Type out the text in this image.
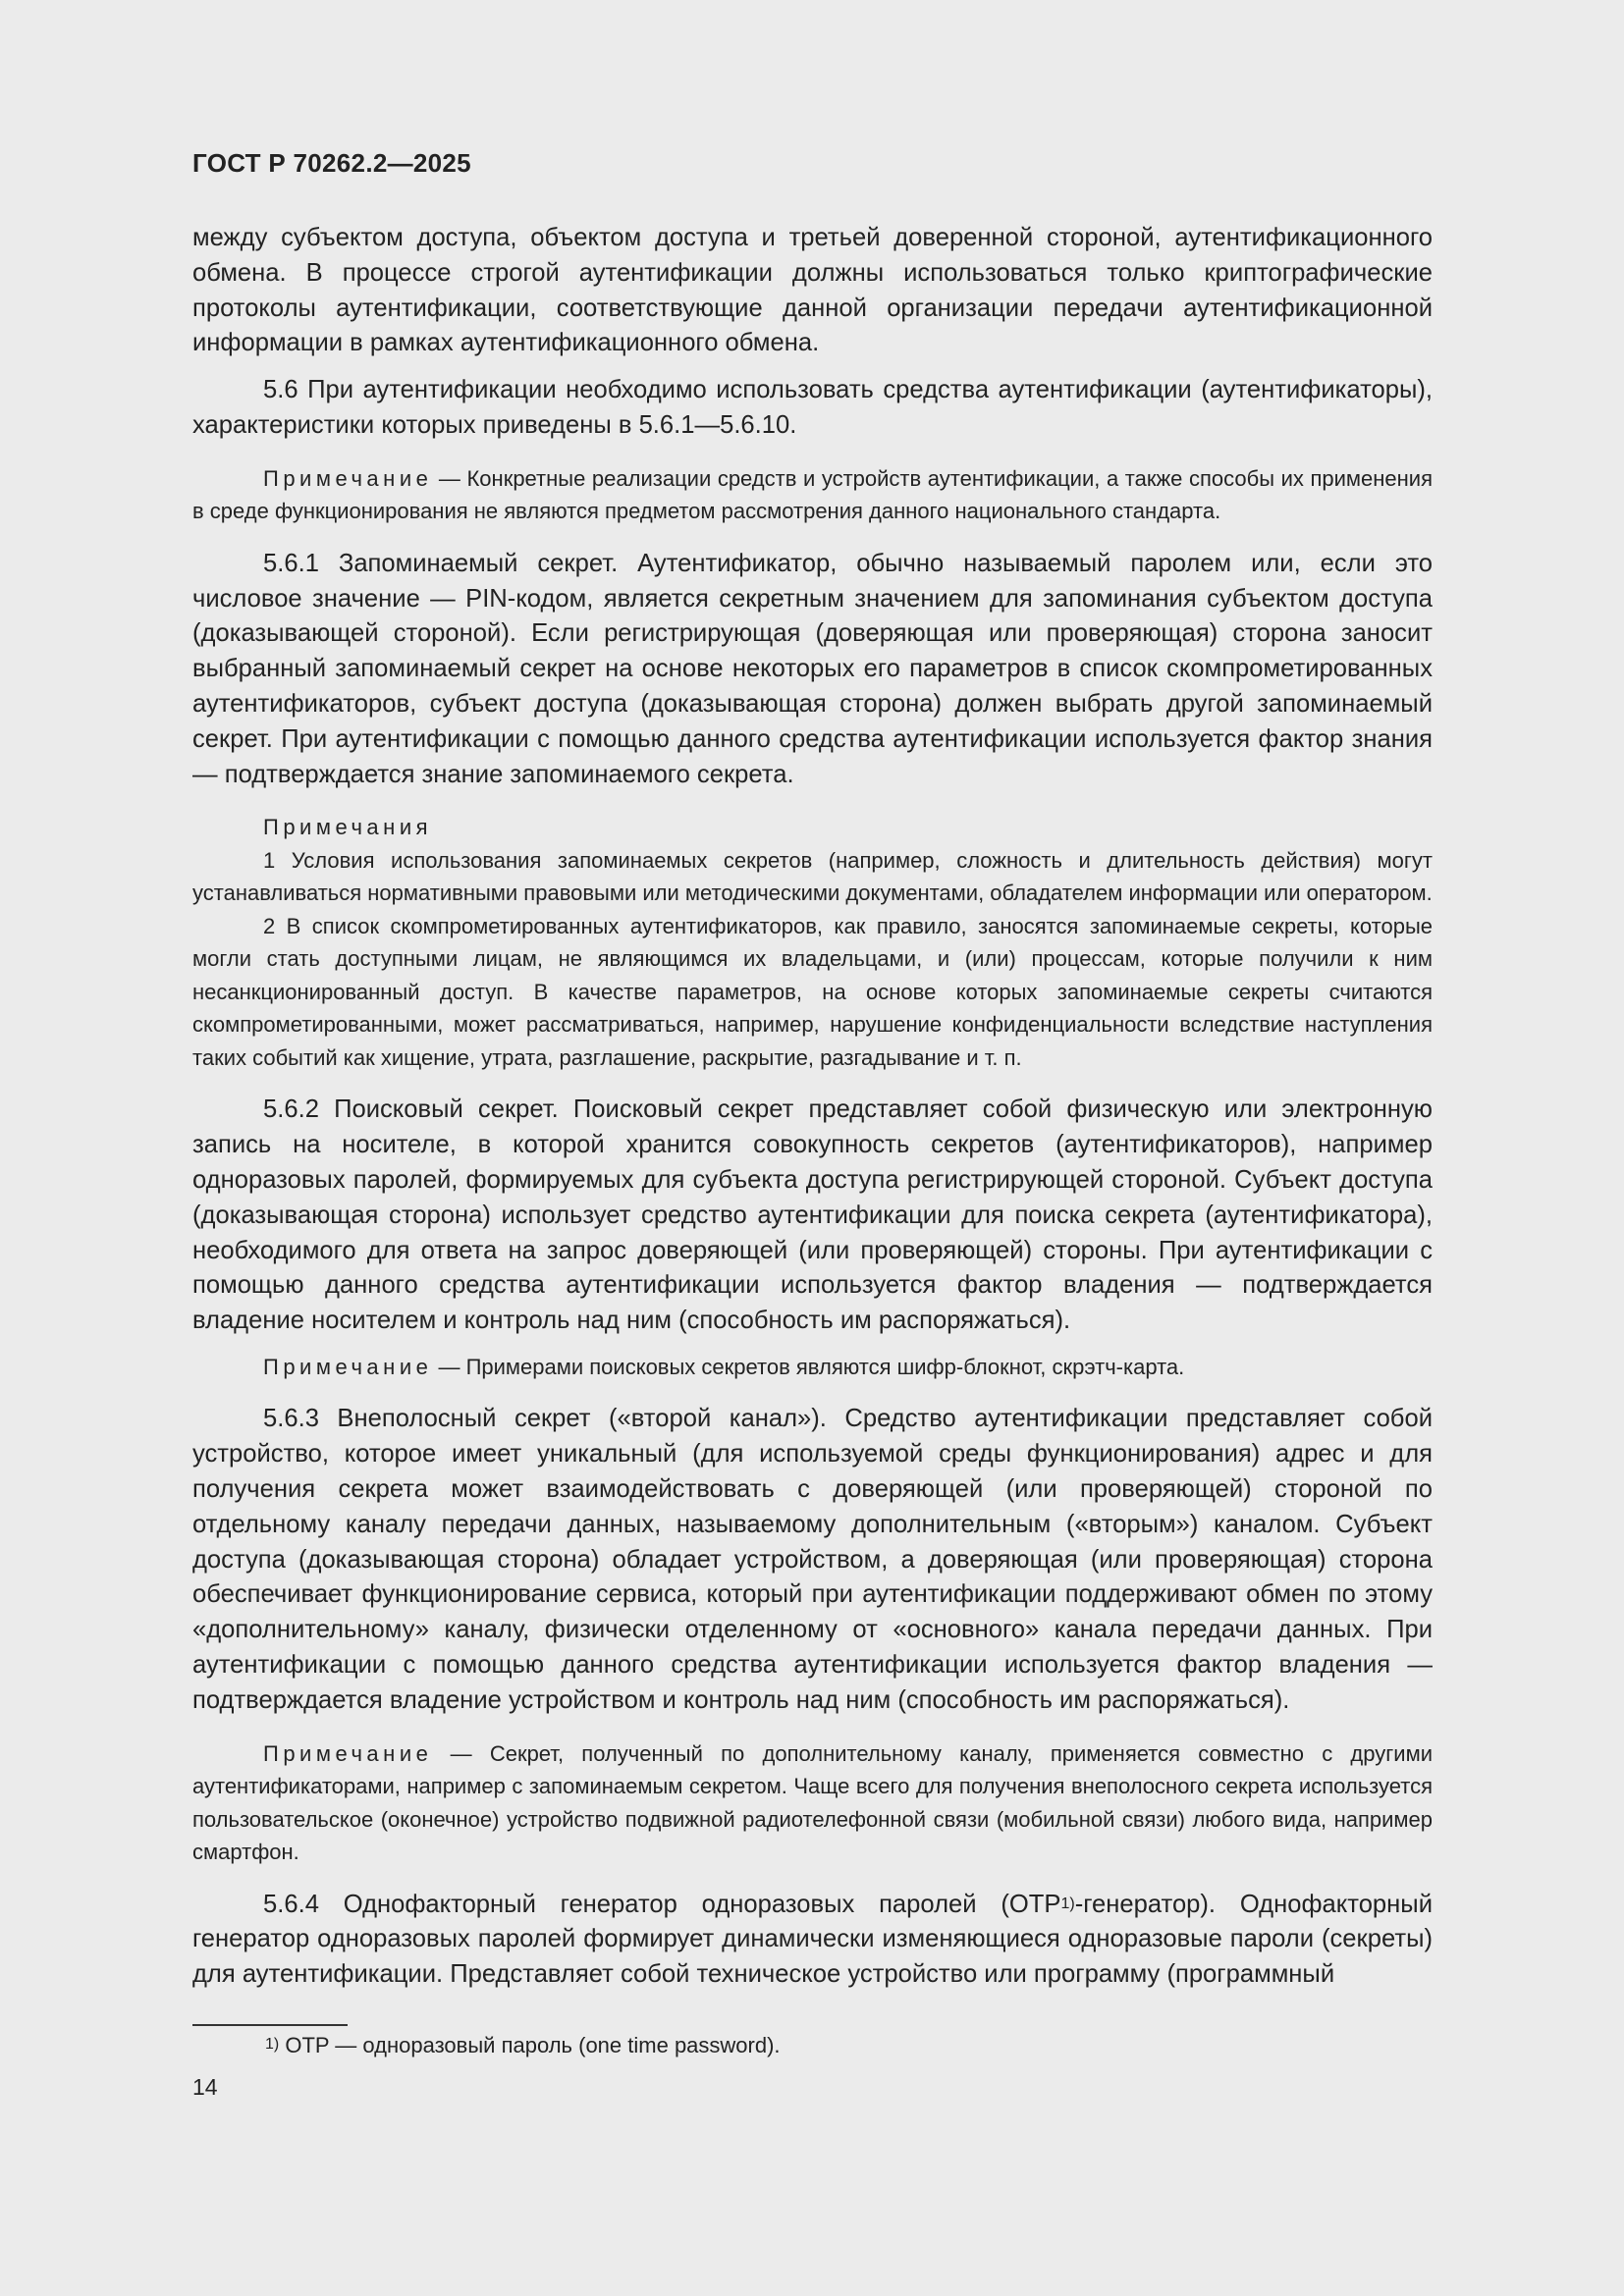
ГОСТ Р 70262.2—2025

между субъектом доступа, объектом доступа и третьей доверенной стороной, аутентификационного обмена. В процессе строгой аутентификации должны использоваться только криптографические протоколы аутентификации, соответствующие данной организации передачи аутентификационной информации в рамках аутентификационного обмена.

5.6 При аутентификации необходимо использовать средства аутентификации (аутентификаторы), характеристики которых приведены в 5.6.1—5.6.10.

Примечание — Конкретные реализации средств и устройств аутентификации, а также способы их применения в среде функционирования не являются предметом рассмотрения данного национального стандарта.

5.6.1 Запоминаемый секрет. Аутентификатор, обычно называемый паролем или, если это числовое значение — PIN-кодом, является секретным значением для запоминания субъектом доступа (доказывающей стороной). Если регистрирующая (доверяющая или проверяющая) сторона заносит выбранный запоминаемый секрет на основе некоторых его параметров в список скомпрометированных аутентификаторов, субъект доступа (доказывающая сторона) должен выбрать другой запоминаемый секрет. При аутентификации с помощью данного средства аутентификации используется фактор знания — подтверждается знание запоминаемого секрета.

Примечания

1 Условия использования запоминаемых секретов (например, сложность и длительность действия) могут устанавливаться нормативными правовыми или методическими документами, обладателем информации или оператором.

2 В список скомпрометированных аутентификаторов, как правило, заносятся запоминаемые секреты, которые могли стать доступными лицам, не являющимся их владельцами, и (или) процессам, которые получили к ним несанкционированный доступ. В качестве параметров, на основе которых запоминаемые секреты считаются скомпрометированными, может рассматриваться, например, нарушение конфиденциальности вследствие наступления таких событий как хищение, утрата, разглашение, раскрытие, разгадывание и т. п.

5.6.2 Поисковый секрет. Поисковый секрет представляет собой физическую или электронную запись на носителе, в которой хранится совокупность секретов (аутентификаторов), например одноразовых паролей, формируемых для субъекта доступа регистрирующей стороной. Субъект доступа (доказывающая сторона) использует средство аутентификации для поиска секрета (аутентификатора), необходимого для ответа на запрос доверяющей (или проверяющей) стороны. При аутентификации с помощью данного средства аутентификации используется фактор владения — подтверждается владение носителем и контроль над ним (способность им распоряжаться).

Примечание — Примерами поисковых секретов являются шифр-блокнот, скрэтч-карта.

5.6.3 Внеполосный секрет («второй канал»). Средство аутентификации представляет собой устройство, которое имеет уникальный (для используемой среды функционирования) адрес и для получения секрета может взаимодействовать с доверяющей (или проверяющей) стороной по отдельному каналу передачи данных, называемому дополнительным («вторым») каналом. Субъект доступа (доказывающая сторона) обладает устройством, а доверяющая (или проверяющая) сторона обеспечивает функционирование сервиса, который при аутентификации поддерживают обмен по этому «дополнительному» каналу, физически отделенному от «основного» канала передачи данных. При аутентификации с помощью данного средства аутентификации используется фактор владения — подтверждается владение устройством и контроль над ним (способность им распоряжаться).

Примечание — Секрет, полученный по дополнительному каналу, применяется совместно с другими аутентификаторами, например с запоминаемым секретом. Чаще всего для получения внеполосного секрета используется пользовательское (оконечное) устройство подвижной радиотелефонной связи (мобильной связи) любого вида, например смартфон.

5.6.4 Однофакторный генератор одноразовых паролей (OTP$^{1)}$-генератор). Однофакторный генератор одноразовых паролей формирует динамически изменяющиеся одноразовые пароли (секреты) для аутентификации. Представляет собой техническое устройство или программу (программный

$^{1)}$ OTP — одноразовый пароль (one time password).
14
